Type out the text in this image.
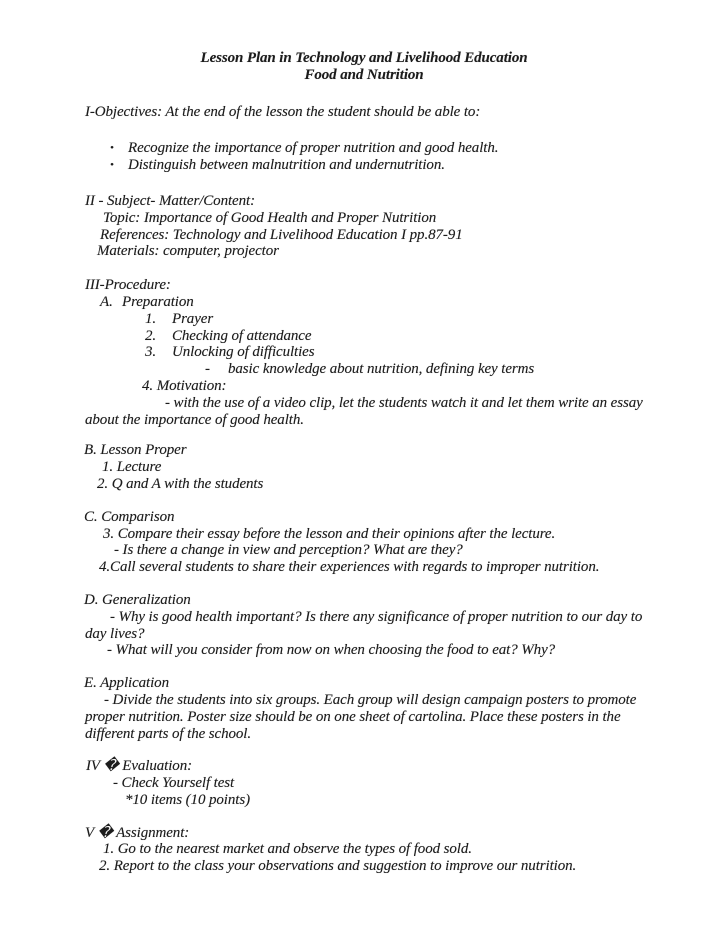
Lesson Plan in Technology and Livelihood Education
Food and Nutrition
I-Objectives: At the end of the lesson the student should be able to:
• Recognize the importance of proper nutrition and good health.
• Distinguish between malnutrition and undernutrition.
II - Subject- Matter/Content:
Topic: Importance of Good Health and Proper Nutrition
References: Technology and Livelihood Education I pp.87-91
Materials: computer, projector
III-Procedure:
A. Preparation
1. Prayer
2. Checking of attendance
3. Unlocking of difficulties
- basic knowledge about nutrition, defining key terms
4. Motivation:
- with the use of a video clip, let the students watch it and let them write an essay
about the importance of good health.
B. Lesson Proper
1. Lecture
2. Q and A with the students
C. Comparison
3. Compare their essay before the lesson and their opinions after the lecture.
- Is there a change in view and perception? What are they?
4.Call several students to share their experiences with regards to improper nutrition.
D. Generalization
- Why is good health important? Is there any significance of proper nutrition to our day to
day lives?
- What will you consider from now on when choosing the food to eat? Why?
E. Application
- Divide the students into six groups. Each group will design campaign posters to promote
proper nutrition. Poster size should be on one sheet of cartolina. Place these posters in the
different parts of the school.
IV � Evaluation:
- Check Yourself test
*10 items (10 points)
V � Assignment:
1. Go to the nearest market and observe the types of food sold.
2. Report to the class your observations and suggestion to improve our nutrition.
